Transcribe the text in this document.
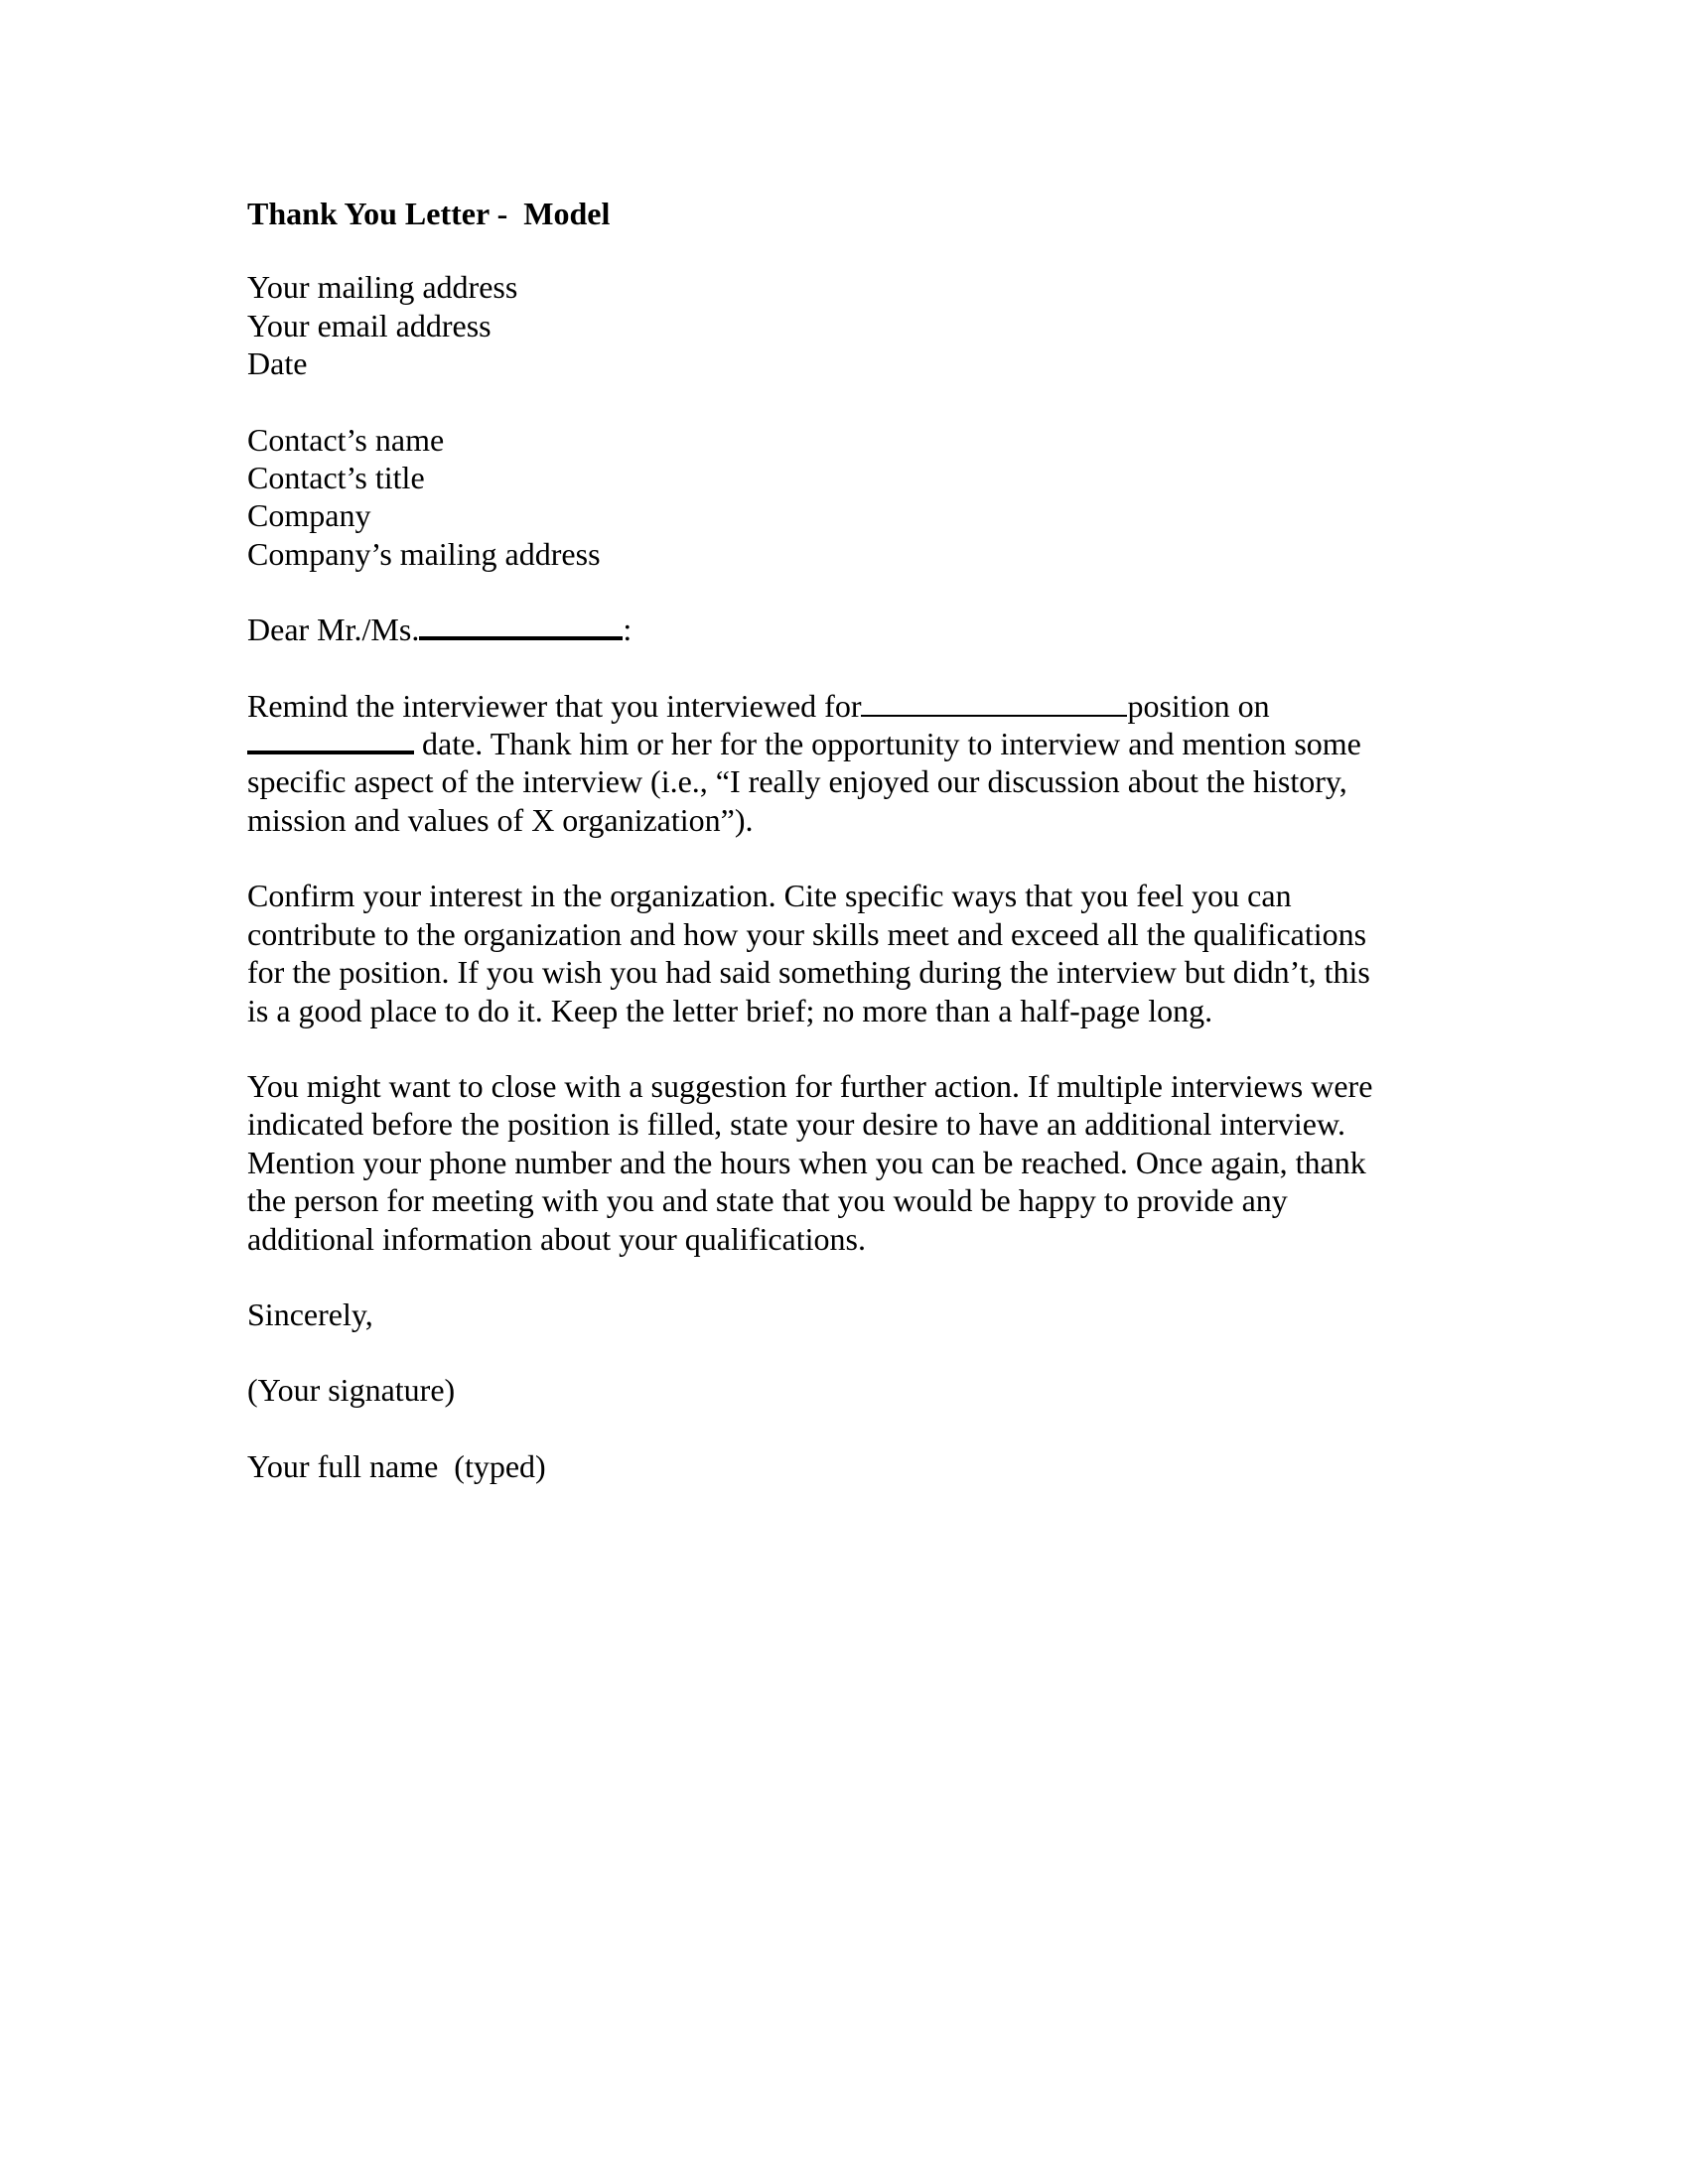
Thank You Letter -  Model
Your mailing address
Your email address
Date
Contact’s name
Contact’s title
Company
Company’s mailing address
Dear Mr./Ms.	:
Remind the interviewer that you interviewed for	position on
date. Thank him or her for the opportunity to interview and mention some
specific aspect of the interview (i.e., “I really enjoyed our discussion about the history,
mission and values of X organization”).
Confirm your interest in the organization. Cite specific ways that you feel you can
contribute to the organization and how your skills meet and exceed all the qualifications
for the position. If you wish you had said something during the interview but didn’t, this
is a good place to do it. Keep the letter brief; no more than a half-page long.
You might want to close with a suggestion for further action. If multiple interviews were
indicated before the position is filled, state your desire to have an additional interview.
Mention your phone number and the hours when you can be reached. Once again, thank
the person for meeting with you and state that you would be happy to provide any
additional information about your qualifications.
Sincerely,
(Your signature)
Your full name  (typed)
